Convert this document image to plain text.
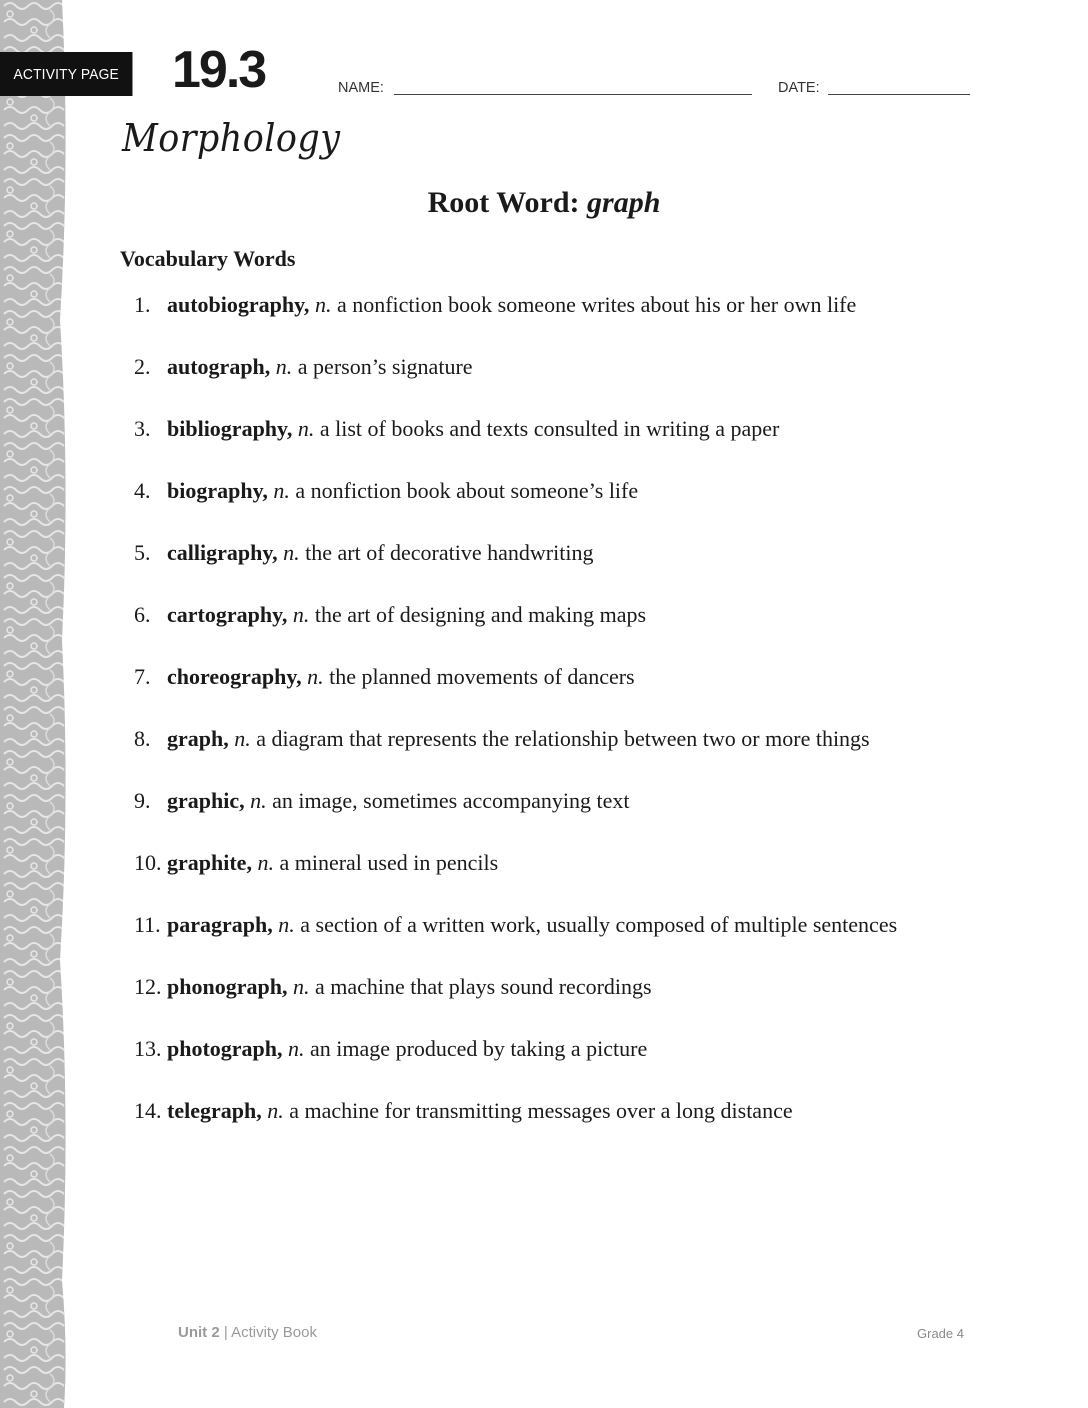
ACTIVITY PAGE 19.3	NAME:	DATE:
Morphology
Root Word: graph
Vocabulary Words
1. autobiography, n. a nonfiction book someone writes about his or her own life
2. autograph, n. a person’s signature
3. bibliography, n. a list of books and texts consulted in writing a paper
4. biography, n. a nonfiction book about someone’s life
5. calligraphy, n. the art of decorative handwriting
6. cartography, n. the art of designing and making maps
7. choreography, n. the planned movements of dancers
8. graph, n. a diagram that represents the relationship between two or more things
9. graphic, n. an image, sometimes accompanying text
10. graphite, n. a mineral used in pencils
11. paragraph, n. a section of a written work, usually composed of multiple sentences
12. phonograph, n. a machine that plays sound recordings
13. photograph, n. an image produced by taking a picture
14. telegraph, n. a machine for transmitting messages over a long distance
Unit 2 | Activity Book	Grade 4
